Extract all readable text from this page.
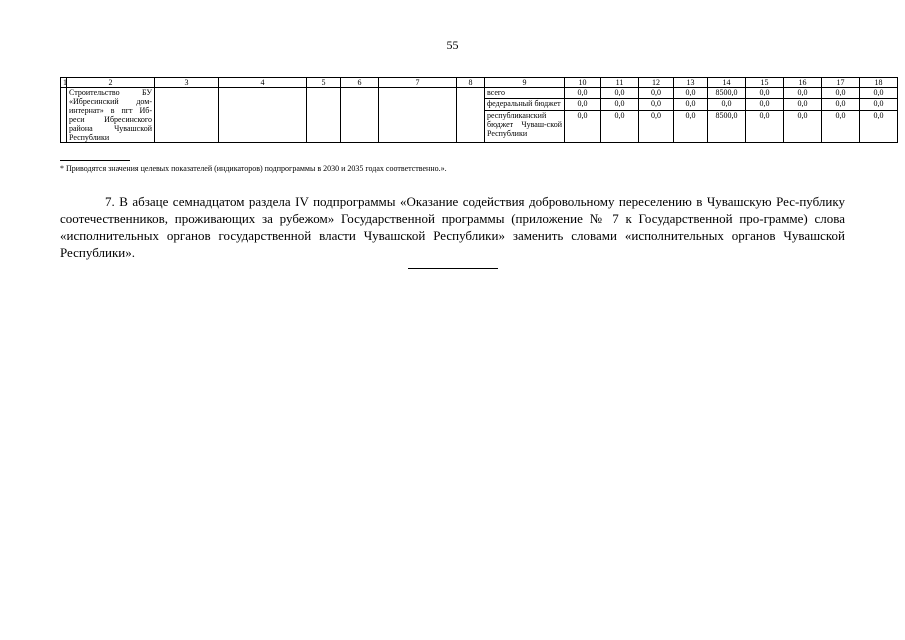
55
1	2	3	4	5	6	7	8	9	10	11	12	13	14	15	16	17	18
	Строительство БУ «Ибресинский дом-интернат» в пгт Иб-реси Ибресинского района Чувашской Республики							всего	0,0	0,0	0,0	0,0	8500,0	0,0	0,0	0,0	0,0
								федеральный бюджет	0,0	0,0	0,0	0,0	0,0	0,0	0,0	0,0	0,0
								республиканский бюджет Чуваш-ской Республики	0,0	0,0	0,0	0,0	8500,0	0,0	0,0	0,0	0,0
* Приводятся значения целевых показателей (индикаторов) подпрограммы в 2030 и 2035 годах соответственно.».
7. В абзаце семнадцатом раздела IV подпрограммы «Оказание содействия добровольному переселению в Чувашскую Рес-публику соотечественников, проживающих за рубежом» Государственной программы (приложение № 7 к Государственной про-грамме) слова «исполнительных органов государственной власти Чувашской Республики» заменить словами «исполнительных органов Чувашской Республики».
